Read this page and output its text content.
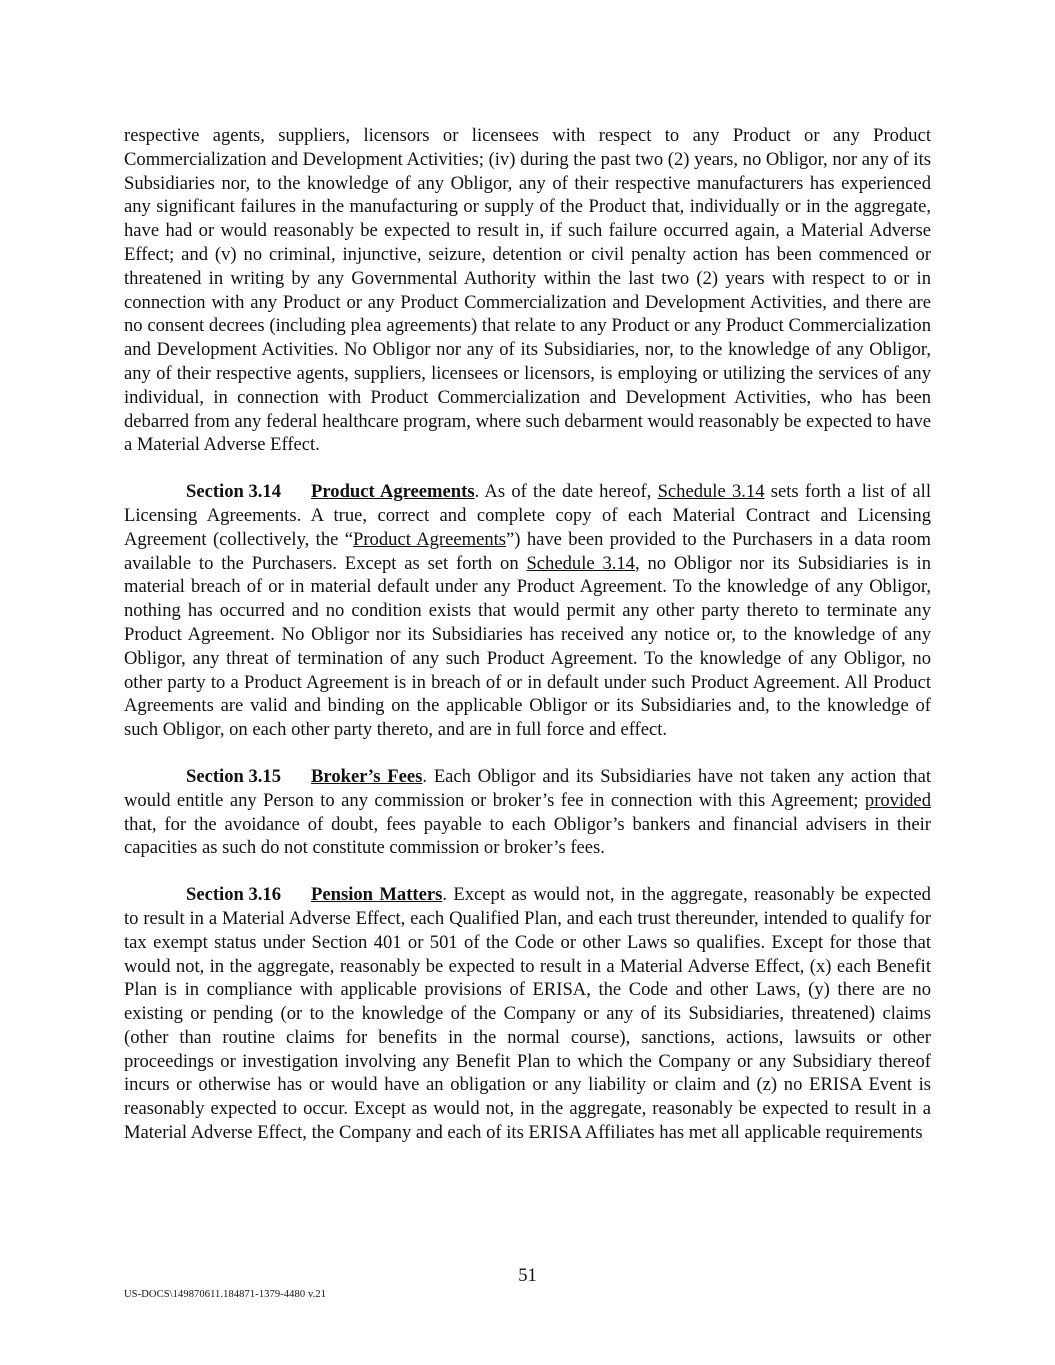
respective agents, suppliers, licensors or licensees with respect to any Product or any Product Commercialization and Development Activities; (iv) during the past two (2) years, no Obligor, nor any of its Subsidiaries nor, to the knowledge of any Obligor, any of their respective manufacturers has experienced any significant failures in the manufacturing or supply of the Product that, individually or in the aggregate, have had or would reasonably be expected to result in, if such failure occurred again, a Material Adverse Effect; and (v) no criminal, injunctive, seizure, detention or civil penalty action has been commenced or threatened in writing by any Governmental Authority within the last two (2) years with respect to or in connection with any Product or any Product Commercialization and Development Activities, and there are no consent decrees (including plea agreements) that relate to any Product or any Product Commercialization and Development Activities. No Obligor nor any of its Subsidiaries, nor, to the knowledge of any Obligor, any of their respective agents, suppliers, licensees or licensors, is employing or utilizing the services of any individual, in connection with Product Commercialization and Development Activities, who has been debarred from any federal healthcare program, where such debarment would reasonably be expected to have a Material Adverse Effect.

Section 3.14 Product Agreements. As of the date hereof, Schedule 3.14 sets forth a list of all Licensing Agreements. A true, correct and complete copy of each Material Contract and Licensing Agreement (collectively, the “Product Agreements”) have been provided to the Purchasers in a data room available to the Purchasers. Except as set forth on Schedule 3.14, no Obligor nor its Subsidiaries is in material breach of or in material default under any Product Agreement. To the knowledge of any Obligor, nothing has occurred and no condition exists that would permit any other party thereto to terminate any Product Agreement. No Obligor nor its Subsidiaries has received any notice or, to the knowledge of any Obligor, any threat of termination of any such Product Agreement. To the knowledge of any Obligor, no other party to a Product Agreement is in breach of or in default under such Product Agreement. All Product Agreements are valid and binding on the applicable Obligor or its Subsidiaries and, to the knowledge of such Obligor, on each other party thereto, and are in full force and effect.

Section 3.15 Broker’s Fees. Each Obligor and its Subsidiaries have not taken any action that would entitle any Person to any commission or broker’s fee in connection with this Agreement; provided that, for the avoidance of doubt, fees payable to each Obligor’s bankers and financial advisers in their capacities as such do not constitute commission or broker’s fees.

Section 3.16 Pension Matters. Except as would not, in the aggregate, reasonably be expected to result in a Material Adverse Effect, each Qualified Plan, and each trust thereunder, intended to qualify for tax exempt status under Section 401 or 501 of the Code or other Laws so qualifies. Except for those that would not, in the aggregate, reasonably be expected to result in a Material Adverse Effect, (x) each Benefit Plan is in compliance with applicable provisions of ERISA, the Code and other Laws, (y) there are no existing or pending (or to the knowledge of the Company or any of its Subsidiaries, threatened) claims (other than routine claims for benefits in the normal course), sanctions, actions, lawsuits or other proceedings or investigation involving any Benefit Plan to which the Company or any Subsidiary thereof incurs or otherwise has or would have an obligation or any liability or claim and (z) no ERISA Event is reasonably expected to occur. Except as would not, in the aggregate, reasonably be expected to result in a Material Adverse Effect, the Company and each of its ERISA Affiliates has met all applicable requirements

51
US-DOCS\149870611.184871-1379-4480 v.21
